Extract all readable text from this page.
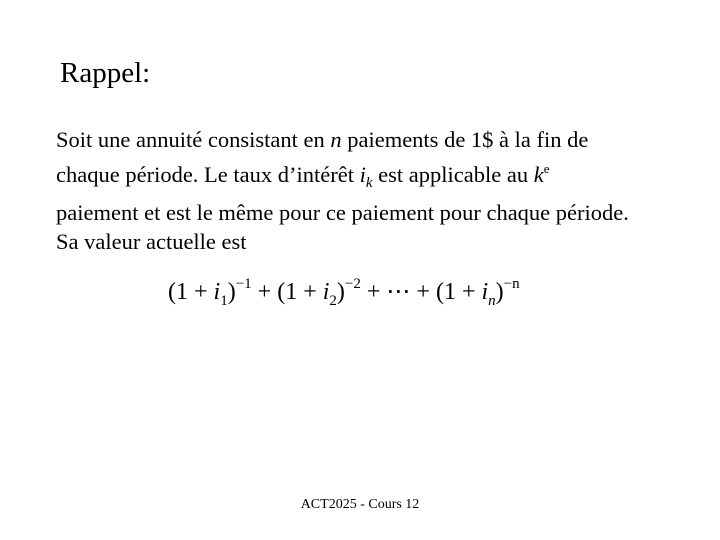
Rappel:
Soit une annuité consistant en n paiements de 1$ à la fin de
chaque période. Le taux d’intérêt $i_k$ est applicable au $k^e$
paiement et est le même pour ce paiement pour chaque période.
Sa valeur actuelle est
$(1 + i_1)^{-1} + (1 + i_2)^{-2}$ + ⋯ + $(1 + i_n)^{-n}$
ACT2025 - Cours 12
